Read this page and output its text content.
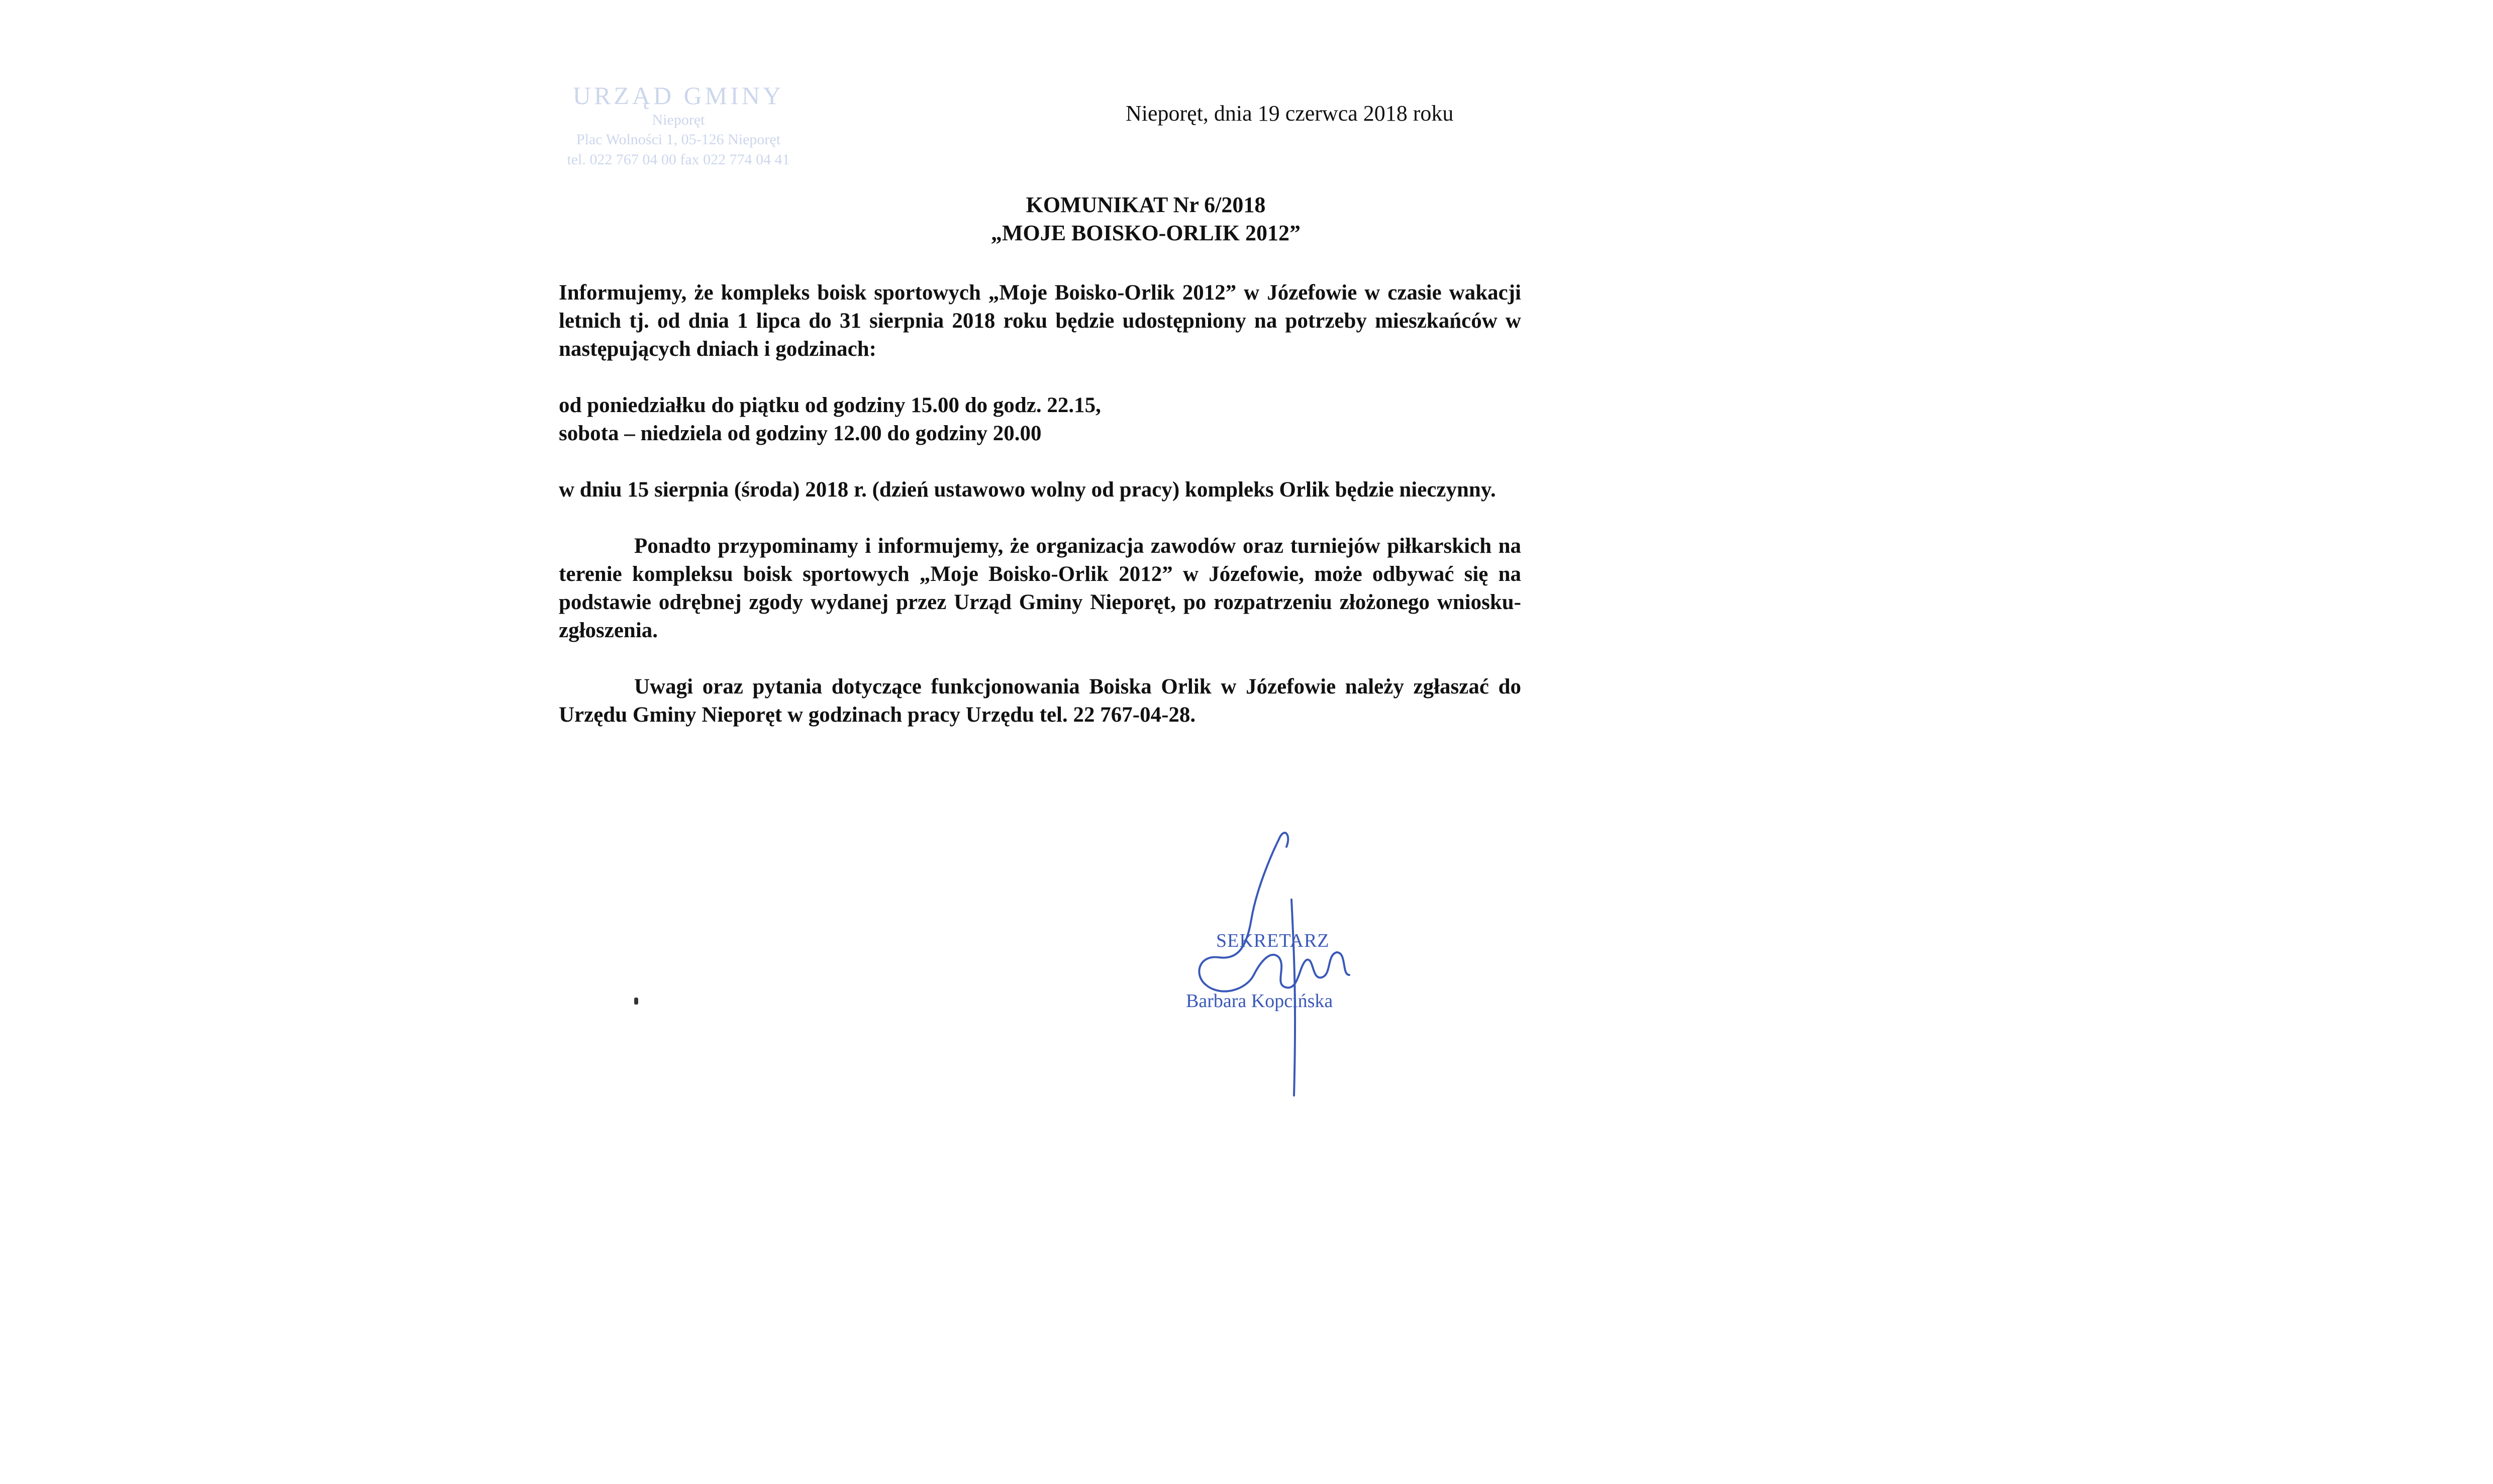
URZĄD GMINY
Nieporęt
Plac Wolności 1, 05-126 Nieporęt
tel. 022 767 04 00 fax 022 774 04 41
Nieporęt, dnia 19 czerwca 2018 roku
KOMUNIKAT Nr 6/2018
„MOJE BOISKO-ORLIK 2012”

Informujemy, że kompleks boisk sportowych „Moje Boisko-Orlik 2012” w Józefowie w czasie wakacji letnich tj. od dnia 1 lipca do 31 sierpnia 2018 roku będzie udostępniony na potrzeby mieszkańców w następujących dniach i godzinach:

od poniedziałku do piątku od godziny 15.00 do godz. 22.15,
sobota – niedziela od godziny 12.00 do godziny 20.00

w dniu 15 sierpnia (środa) 2018 r. (dzień ustawowo wolny od pracy) kompleks Orlik będzie nieczynny.

Ponadto przypominamy i informujemy, że organizacja zawodów oraz turniejów piłkarskich na terenie kompleksu boisk sportowych „Moje Boisko-Orlik 2012” w Józefowie, może odbywać się na podstawie odrębnej zgody wydanej przez Urząd Gminy Nieporęt, po rozpatrzeniu złożonego wniosku-zgłoszenia.

Uwagi oraz pytania dotyczące funkcjonowania Boiska Orlik w Józefowie należy zgłaszać do Urzędu Gminy Nieporęt w godzinach pracy Urzędu tel. 22 767-04-28.

SEKRETARZ
Barbara Kopcińska
